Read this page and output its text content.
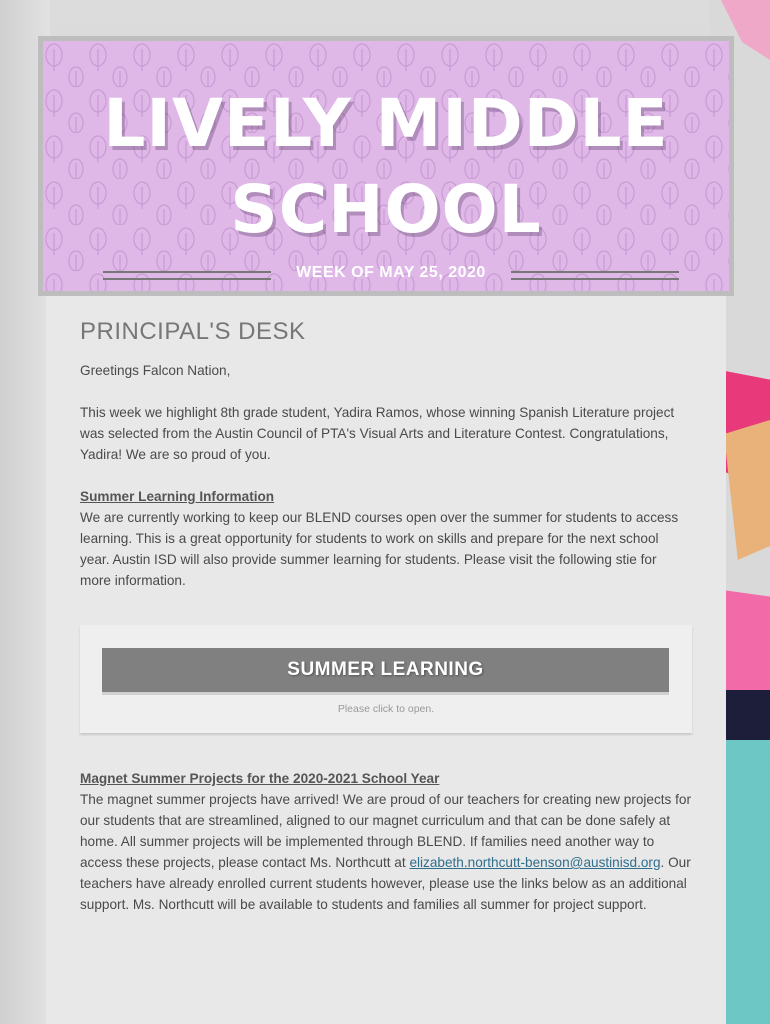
LIVELY MIDDLE
SCHOOL
WEEK OF MAY 25, 2020
PRINCIPAL'S DESK

Greetings Falcon Nation,

This week we highlight 8th grade student, Yadira Ramos, whose winning Spanish Literature project was selected from the Austin Council of PTA's Visual Arts and Literature Contest. Congratulations, Yadira! We are so proud of you.

Summer Learning Information

We are currently working to keep our BLEND courses open over the summer for students to access learning. This is a great opportunity for students to work on skills and prepare for the next school year. Austin ISD will also provide summer learning for students. Please visit the following stie for more information.

SUMMER LEARNING
Please click to open.

Magnet Summer Projects for the 2020-2021 School Year

The magnet summer projects have arrived! We are proud of our teachers for creating new projects for our students that are streamlined, aligned to our magnet curriculum and that can be done safely at home. All summer projects will be implemented through BLEND. If families need another way to access these projects, please contact Ms. Northcutt at elizabeth.northcutt-benson@austinisd.org. Our teachers have already enrolled current students however, please use the links below as an additional support. Ms. Northcutt will be available to students and families all summer for project support.
